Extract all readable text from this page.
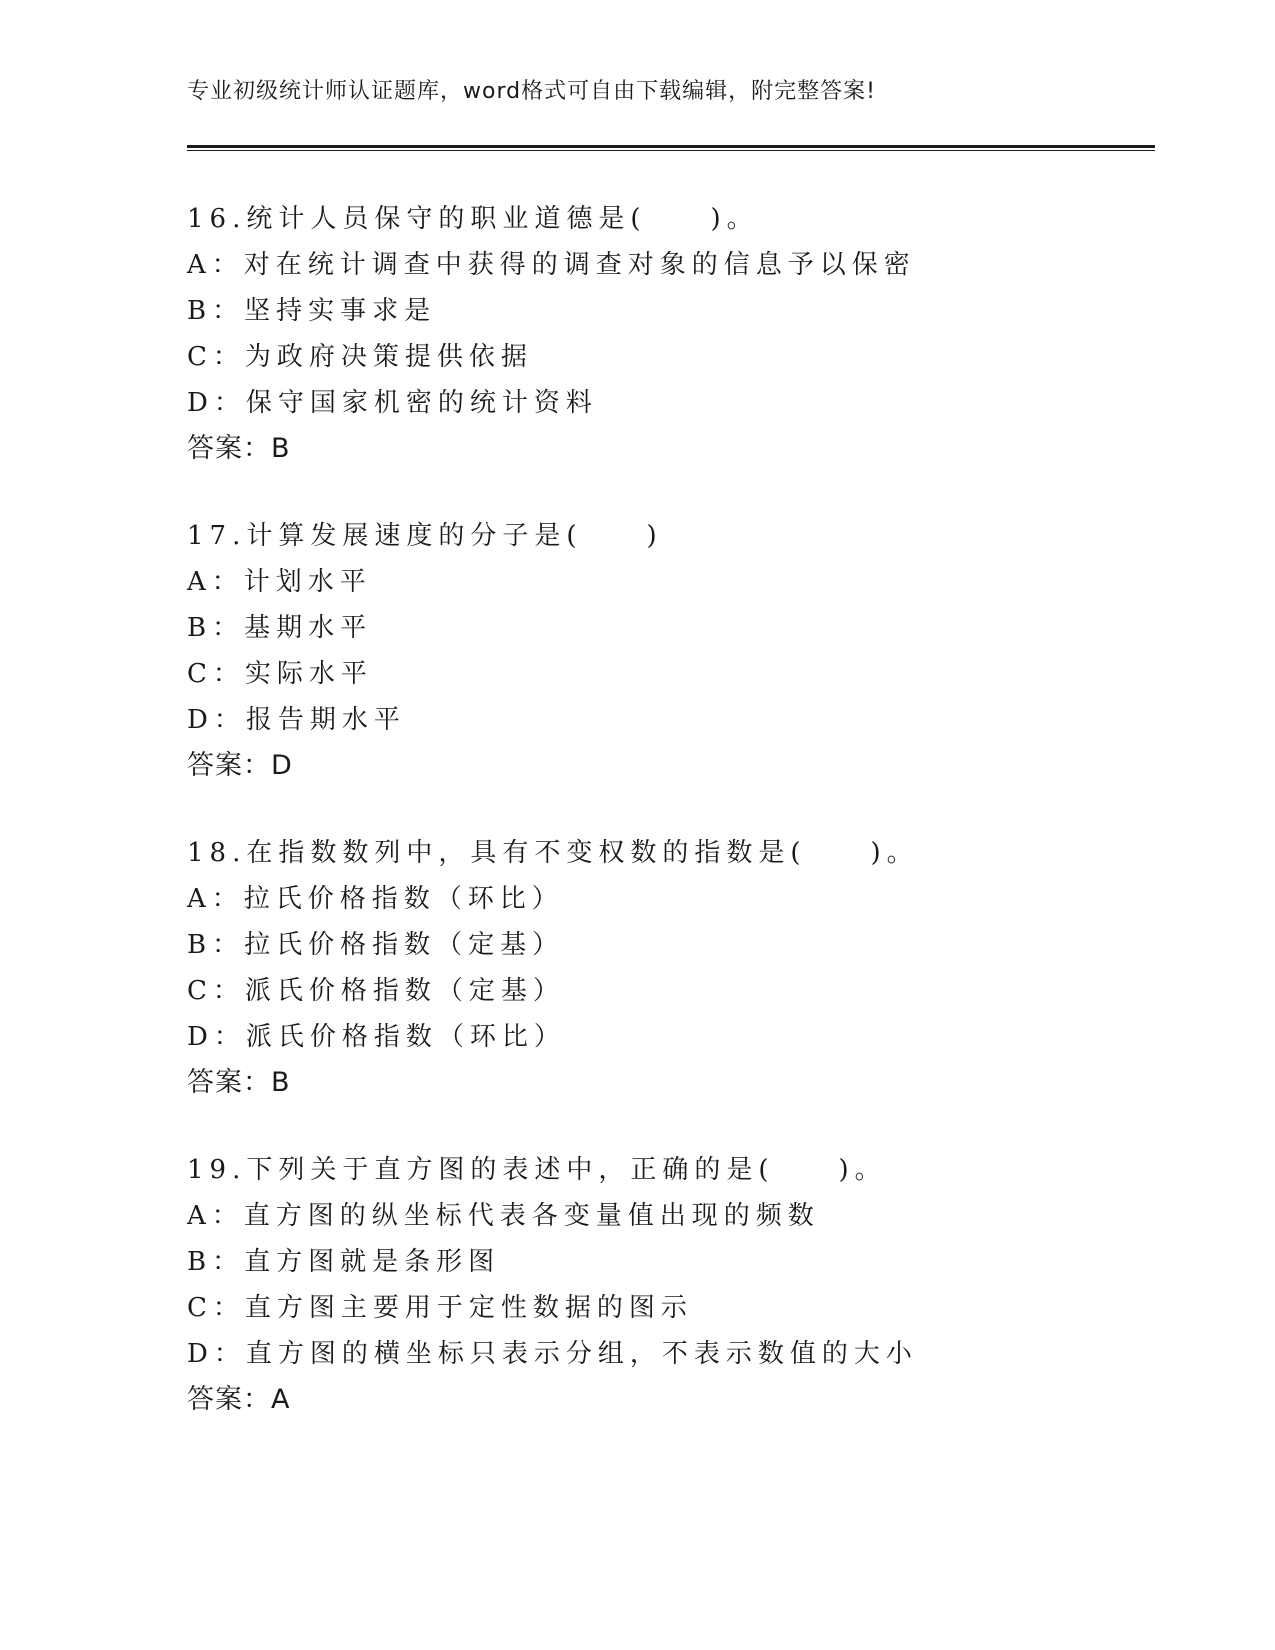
专业初级统计师认证题库，word格式可自由下载编辑，附完整答案!
16.统计人员保守的职业道德是(　　)。
A：对在统计调查中获得的调查对象的信息予以保密
B：坚持实事求是
C：为政府决策提供依据
D：保守国家机密的统计资料
答案：B
17.计算发展速度的分子是(　　)
A：计划水平
B：基期水平
C：实际水平
D：报告期水平
答案：D
18.在指数数列中，具有不变权数的指数是(　　)。
A：拉氏价格指数（环比）
B：拉氏价格指数（定基）
C：派氏价格指数（定基）
D：派氏价格指数（环比）
答案：B
19.下列关于直方图的表述中，正确的是(　　)。
A：直方图的纵坐标代表各变量值出现的频数
B：直方图就是条形图
C：直方图主要用于定性数据的图示
D：直方图的横坐标只表示分组，不表示数值的大小
答案：A
